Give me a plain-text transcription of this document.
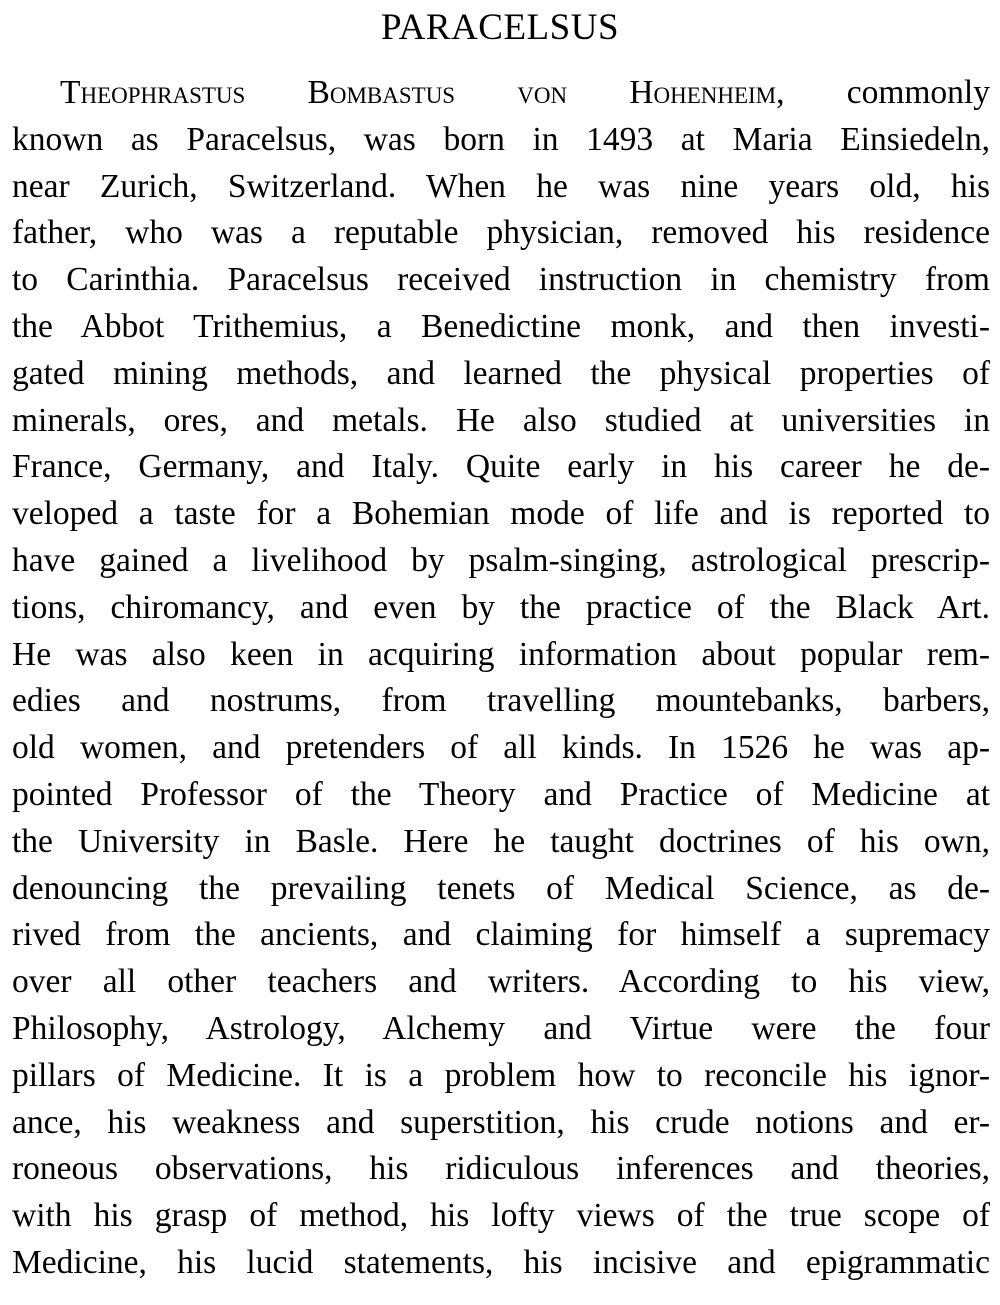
PARACELSUS
Theophrastus Bombastus von Hohenheim, commonly
known as Paracelsus, was born in 1493 at Maria Einsiedeln,
near Zurich, Switzerland. When he was nine years old, his
father, who was a reputable physician, removed his residence
to Carinthia. Paracelsus received instruction in chemistry from
the Abbot Trithemius, a Benedictine monk, and then investi-
gated mining methods, and learned the physical properties of
minerals, ores, and metals. He also studied at universities in
France, Germany, and Italy. Quite early in his career he de-
veloped a taste for a Bohemian mode of life and is reported to
have gained a livelihood by psalm-singing, astrological prescrip-
tions, chiromancy, and even by the practice of the Black Art.
He was also keen in acquiring information about popular rem-
edies and nostrums, from travelling mountebanks, barbers,
old women, and pretenders of all kinds. In 1526 he was ap-
pointed Professor of the Theory and Practice of Medicine at
the University in Basle. Here he taught doctrines of his own,
denouncing the prevailing tenets of Medical Science, as de-
rived from the ancients, and claiming for himself a supremacy
over all other teachers and writers. According to his view,
Philosophy, Astrology, Alchemy and Virtue were the four
pillars of Medicine. It is a problem how to reconcile his ignor-
ance, his weakness and superstition, his crude notions and er-
roneous observations, his ridiculous inferences and theories,
with his grasp of method, his lofty views of the true scope of
Medicine, his lucid statements, his incisive and epigrammatic
